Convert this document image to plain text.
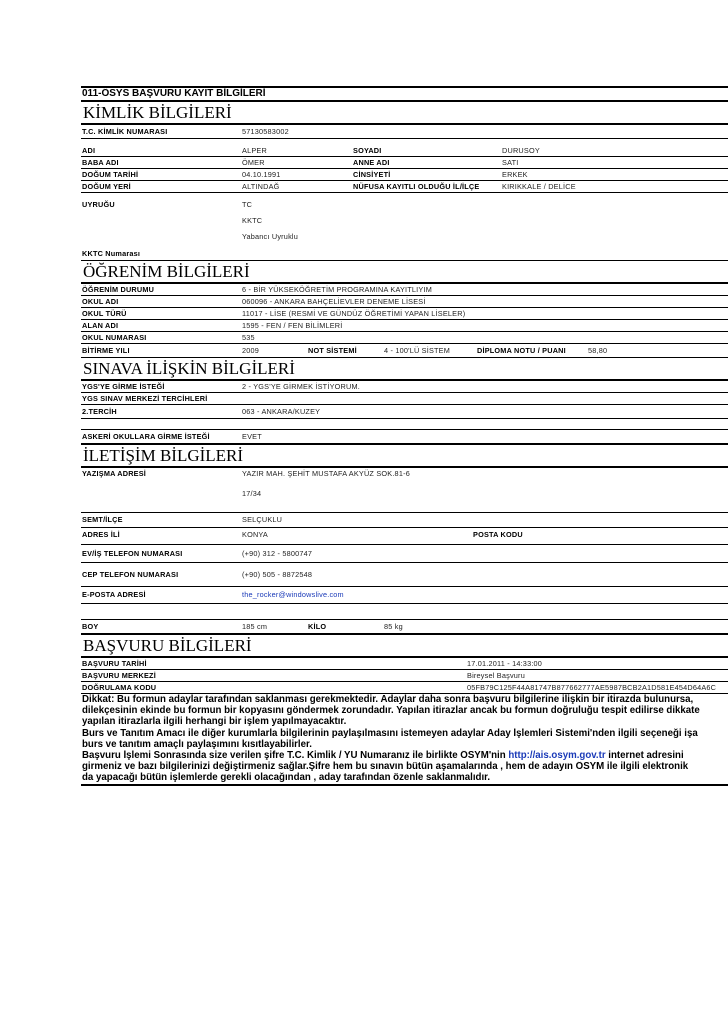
011-ÖSYS BAŞVURU KAYIT BİLGİLERİ
KİMLİK BİLGİLERİ
T.C. KİMLİK NUMARASI	57130583002
ADI	ALPER	SOYADI	DURUSOY
BABA ADI	ÖMER	ANNE ADI	SATI
DOĞUM TARİHİ	04.10.1991	CİNSİYETİ	ERKEK
DOĞUM YERİ	ALTINDAĞ	NÜFUSA KAYITLI OLDUĞU İL/İLÇE	KIRIKKALE / DELİCE
UYRUĞU	TC
KKTC
Yabancı Uyruklu
KKTC Numarası
ÖĞRENİM BİLGİLERİ
ÖĞRENİM DURUMU	6 - BİR YÜKSEKÖĞRETİM PROGRAMINA KAYITLIYIM
OKUL ADI	060096 - ANKARA BAHÇELİEVLER DENEME LİSESİ
OKUL TÜRÜ	11017 - LİSE (RESMİ VE GÜNDÜZ ÖĞRETİMİ YAPAN LİSELER)
ALAN ADI	1595 - FEN / FEN BİLİMLERİ
OKUL NUMARASI	535
BİTİRME YILI	2009	NOT SİSTEMİ	4 - 100'LÜ SİSTEM	DİPLOMA NOTU / PUANI	58,80
SINAVA İLİŞKİN BİLGİLERİ
YGS'YE GİRME İSTEĞİ	2 - YGS'YE GİRMEK İSTİYORUM.
YGS SINAV MERKEZİ TERCİHLERİ
2.TERCİH	063 - ANKARA/KUZEY
ASKERİ OKULLARA GİRME İSTEĞİ	EVET
İLETİŞİM BİLGİLERİ
YAZIŞMA ADRESİ	YAZIR MAH. ŞEHİT MUSTAFA AKYÜZ SOK.81-6
17/34
SEMT/İLÇE	SELÇUKLU
ADRES İLİ	KONYA	POSTA KODU
EV/İŞ TELEFON NUMARASI	(+90) 312 - 5800747
CEP TELEFON NUMARASI	(+90) 505 - 8872548
E-POSTA ADRESİ	the_rocker@windowslive.com
BOY	185 cm	KİLO	85 kg
BAŞVURU BİLGİLERİ
BAŞVURU TARİHİ	17.01.2011 - 14:33:00
BAŞVURU MERKEZİ	Bireysel Başvuru
DOĞRULAMA KODU	05FB79C125F44A81747B877662777AE5987BCB2A1D581E454D64A6C
Dikkat: Bu formun adaylar tarafından saklanması gerekmektedir. Adaylar daha sonra başvuru bilgilerine ilişkin bir itirazda bulunursa,
dilekçesinin ekinde bu formun bir kopyasını göndermek zorundadır. Yapılan itirazlar ancak bu formun doğruluğu tespit edilirse dikkate
yapılan itirazlarla ilgili herhangi bir işlem yapılmayacaktır.
Burs ve Tanıtım Amacı ile diğer kurumlarla bilgilerinin paylaşılmasını istemeyen adaylar Aday İşlemleri Sistemi'nden ilgili seçeneği işa
burs ve tanıtım amaçlı paylaşımını kısıtlayabilirler.
Başvuru İşlemi Sonrasında size verilen şifre T.C. Kimlik / YU Numaranız ile birlikte ÖSYM'nin http://ais.osym.gov.tr internet adresini
girmeniz ve bazı bilgilerinizi değiştirmeniz sağlar.Şifre hem bu sınavın bütün aşamalarında , hem de adayın ÖSYM ile ilgili elektronik
da yapacağı bütün işlemlerde gerekli olacağından , aday tarafından özenle saklanmalıdır.
